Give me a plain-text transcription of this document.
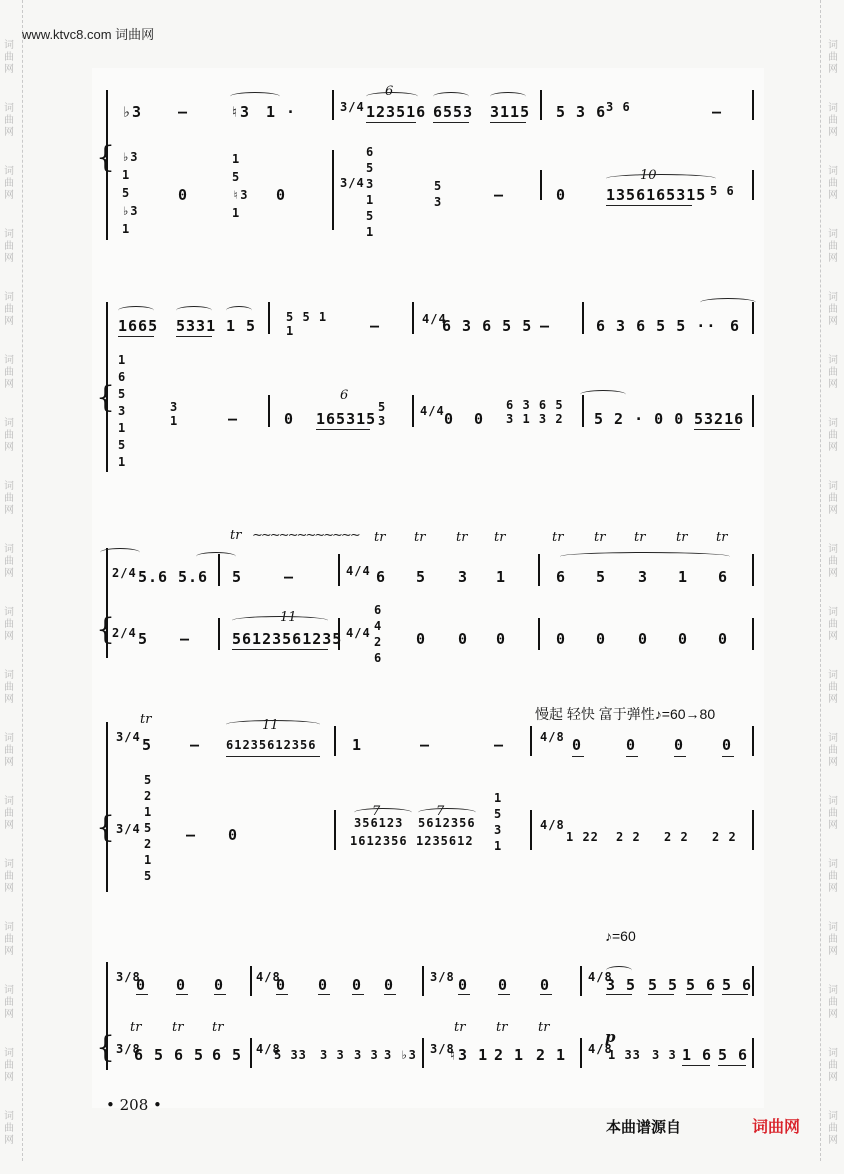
词
曲
网
词
曲
网
词
曲
网
词
曲
网
词
曲
网
词
曲
网
词
曲
网
词
曲
网
词
曲
网
词
曲
网
词
曲
网
词
曲
网
词
曲
网
词
曲
网
词
曲
网
词
曲
网
词
曲
网
词
曲
网
词
曲
网
词
曲
网
词
曲
网
词
曲
网
词
曲
网
词
曲
网
词
曲
网
词
曲
网
词
曲
网
词
曲
网
词
曲
网
词
曲
网
词
曲
网
词
曲
网
词
曲
网
词
曲
网
词
曲
网
词
曲
网
www.ktvc8.com 词曲网
{
♭3 –	♮3 1 ·	3/4
6
123516 6553 3115 5 3 6 3 6	–
♭3 1 5 ♭3 1
0
1 5 ♮3 1
0
3/4
6 5 3 1 5 1
5 3	–	0
10
1356165315 5 6
{
1665 5331 1 5 5 5 1 1	–	4/4
6 3 6 5 5 –	6 3 6 5 5 ·· 6
1 6 5 3 1 5 1
3 1	–	0
6
165315
5 3
4/4 0 0
6 3 6 5 3 1 3 2	5 2 · 0 0 53216
{
tr ∼∼∼∼∼∼∼∼∼∼∼∼ tr tr tr tr	tr tr tr tr tr
2/4 5.6 5.6 5	–	4/4 6 5 3 1	6 5 3 1 6
2/4 5 –
11
56123561235 4/4
6 4 2 6
0 0 0	0 0 0 0 0
慢起 轻快 富于弹性♪=60→80
{
tr
3/4 5	–
11
61235612356 1	–	–	4/8 0	0	0	0
3/4
5 2 1 5 2 1 5
– 0
7	7
356123
1612356
5612356
1235612
1 5 3 1
4/8
1 22 2 2 2 2 2 2
♪=60
p
{
3/8
0 0 0	4/8
0 0 0 0	3/8 0 0 0	4/8
3 5 5 5 5 6 5 6
tr tr tr	tr tr tr
3/8
6 5 6 5 6 5 4/8
5 33 3 3 3 3 3 ♭3 3/8
♮3 1 2 1 2 1 4/8
1 33 3 3 1 6 5 6
• 208 •
本曲谱源自	词曲网
